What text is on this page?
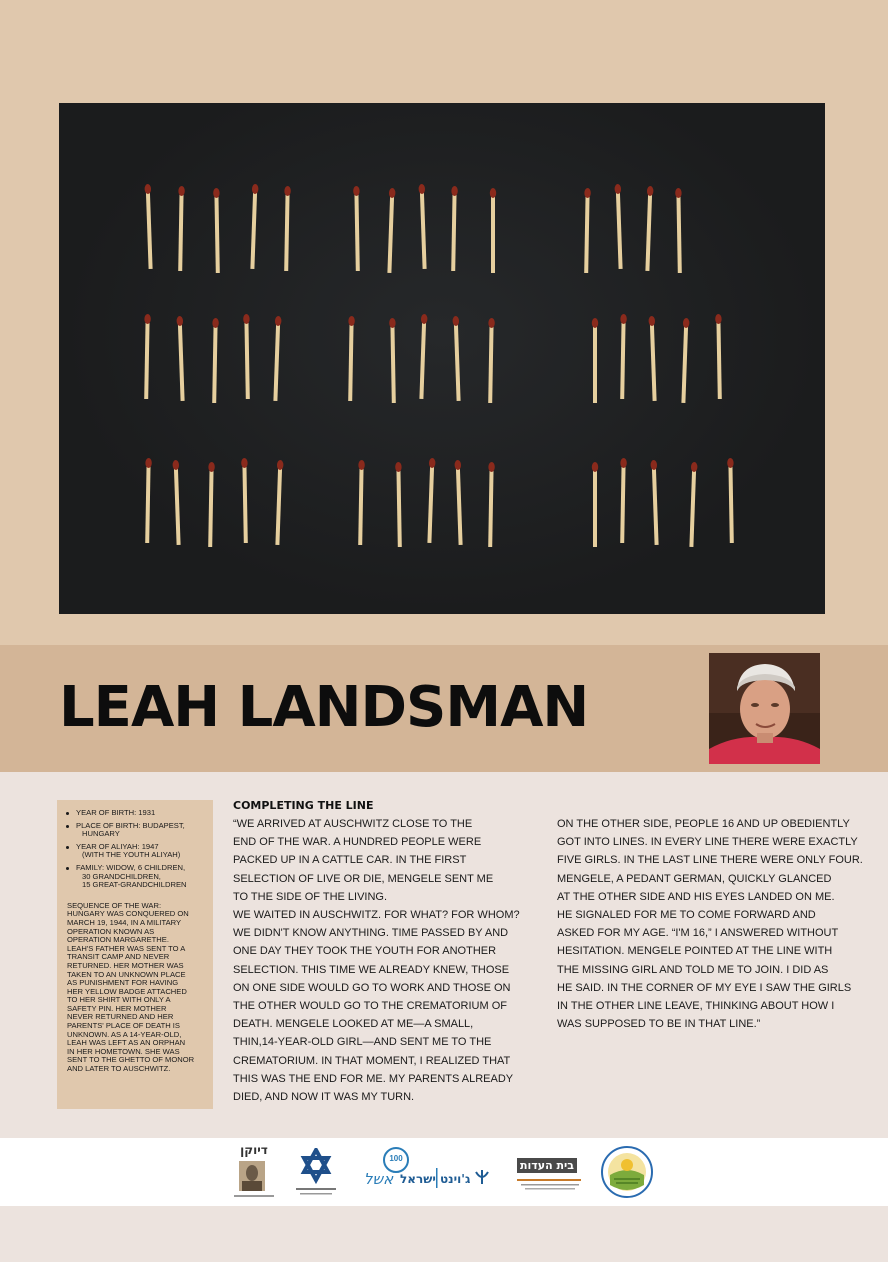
LEAH LANDSMAN
YEAR OF BIRTH: 1931
PLACE OF BIRTH: BUDAPEST,
HUNGARY
YEAR OF ALIYAH: 1947
(WITH THE YOUTH ALIYAH)
FAMILY: WIDOW, 6 CHILDREN,
30 GRANDCHILDREN,
15 GREAT-GRANDCHILDREN
SEQUENCE OF THE WAR:
HUNGARY WAS CONQUERED ON
MARCH 19, 1944, IN A MILITARY
OPERATION KNOWN AS
OPERATION MARGARETHE.
LEAH'S FATHER WAS SENT TO A
TRANSIT CAMP AND NEVER
RETURNED. HER MOTHER WAS
TAKEN TO AN UNKNOWN PLACE
AS PUNISHMENT FOR HAVING
HER YELLOW BADGE ATTACHED
TO HER SHIRT WITH ONLY A
SAFETY PIN. HER MOTHER
NEVER RETURNED AND HER
PARENTS' PLACE OF DEATH IS
UNKNOWN. AS A 14-YEAR-OLD,
LEAH WAS LEFT AS AN ORPHAN
IN HER HOMETOWN. SHE WAS
SENT TO THE GHETTO OF MONOR
AND LATER TO AUSCHWITZ.
COMPLETING THE LINE
“WE ARRIVED AT AUSCHWITZ CLOSE TO THE
END OF THE WAR. A HUNDRED PEOPLE WERE
PACKED UP IN A CATTLE CAR. IN THE FIRST
SELECTION OF LIVE OR DIE, MENGELE SENT ME
TO THE SIDE OF THE LIVING.
WE WAITED IN AUSCHWITZ. FOR WHAT? FOR WHOM?
WE DIDN'T KNOW ANYTHING. TIME PASSED BY AND
ONE DAY THEY TOOK THE YOUTH FOR ANOTHER
SELECTION. THIS TIME WE ALREADY KNEW, THOSE
ON ONE SIDE WOULD GO TO WORK AND THOSE ON
THE OTHER WOULD GO TO THE CREMATORIUM OF
DEATH. MENGELE LOOKED AT ME—A SMALL,
THIN,14-YEAR-OLD GIRL—AND SENT ME TO THE
CREMATORIUM. IN THAT MOMENT, I REALIZED THAT
THIS WAS THE END FOR ME. MY PARENTS ALREADY
DIED, AND NOW IT WAS MY TURN.
ON THE OTHER SIDE, PEOPLE 16 AND UP OBEDIENTLY
GOT INTO LINES. IN EVERY LINE THERE WERE EXACTLY
FIVE GIRLS. IN THE LAST LINE THERE WERE ONLY FOUR.
MENGELE, A PEDANT GERMAN, QUICKLY GLANCED
AT THE OTHER SIDE AND HIS EYES LANDED ON ME.
HE SIGNALED FOR ME TO COME FORWARD AND
ASKED FOR MY AGE. “I'M 16,” I ANSWERED WITHOUT
HESITATION. MENGELE POINTED AT THE LINE WITH
THE MISSING GIRL AND TOLD ME TO JOIN. I DID AS
HE SAID. IN THE CORNER OF MY EYE I SAW THE GIRLS
IN THE OTHER LINE LEAVE, THINKING ABOUT HOW I
WAS SUPPOSED TO BE IN THAT LINE.”
דיוקן
100
אשל ג'וינט ישראל
בית העדות
